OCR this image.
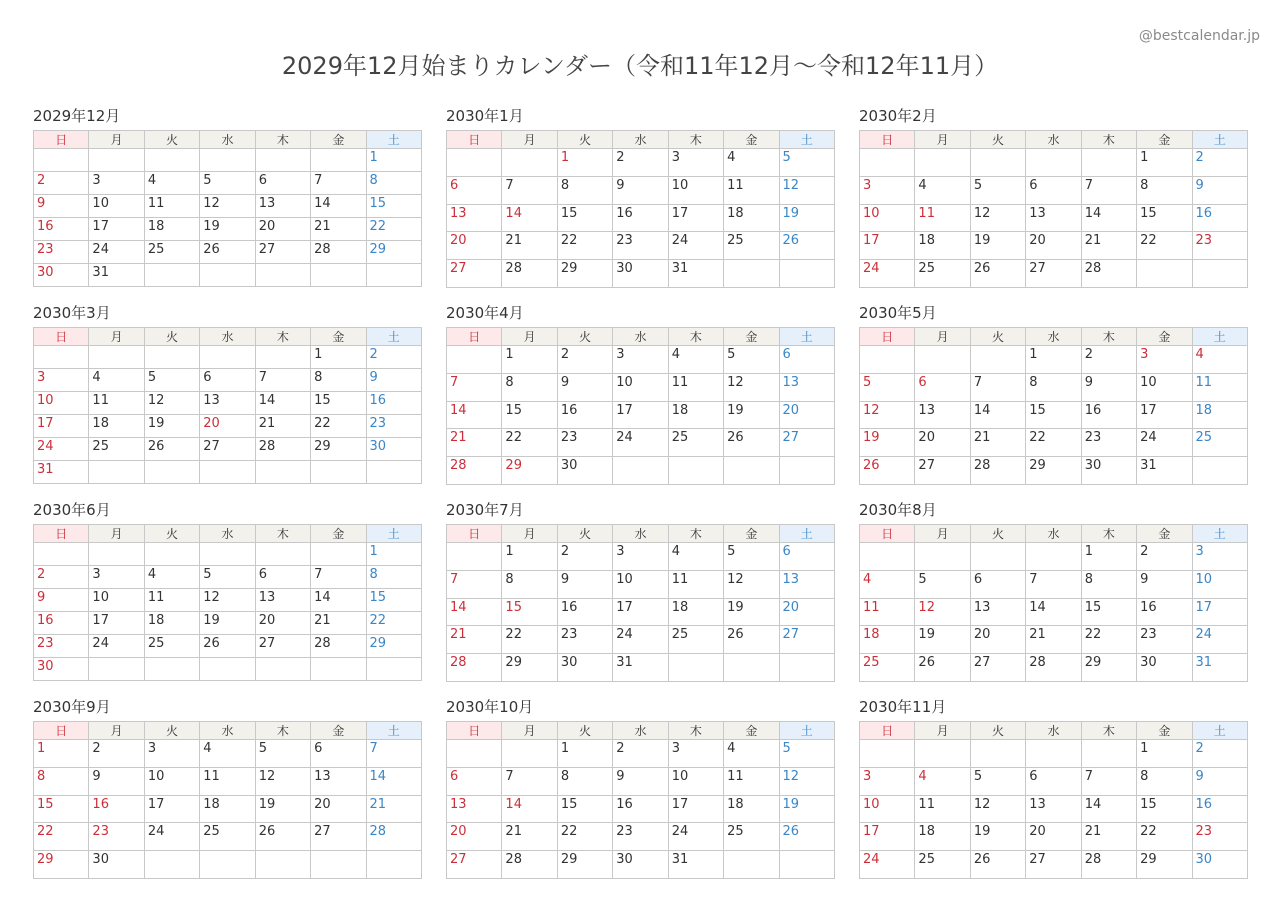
@bestcalendar.jp
2029年12月始まりカレンダー（令和11年12月〜令和12年11月）
2029年12月
日	月	火	水	木	金	土
						1
2	3	4	5	6	7	8
9	10	11	12	13	14	15
16	17	18	19	20	21	22
23	24	25	26	27	28	29
30	31					
2030年1月
日	月	火	水	木	金	土
		1	2	3	4	5
6	7	8	9	10	11	12
13	14	15	16	17	18	19
20	21	22	23	24	25	26
27	28	29	30	31		
2030年2月
日	月	火	水	木	金	土
					1	2
3	4	5	6	7	8	9
10	11	12	13	14	15	16
17	18	19	20	21	22	23
24	25	26	27	28		
2030年3月
日	月	火	水	木	金	土
					1	2
3	4	5	6	7	8	9
10	11	12	13	14	15	16
17	18	19	20	21	22	23
24	25	26	27	28	29	30
31						
2030年4月
日	月	火	水	木	金	土
	1	2	3	4	5	6
7	8	9	10	11	12	13
14	15	16	17	18	19	20
21	22	23	24	25	26	27
28	29	30				
2030年5月
日	月	火	水	木	金	土
			1	2	3	4
5	6	7	8	9	10	11
12	13	14	15	16	17	18
19	20	21	22	23	24	25
26	27	28	29	30	31	
2030年6月
日	月	火	水	木	金	土
						1
2	3	4	5	6	7	8
9	10	11	12	13	14	15
16	17	18	19	20	21	22
23	24	25	26	27	28	29
30						
2030年7月
日	月	火	水	木	金	土
	1	2	3	4	5	6
7	8	9	10	11	12	13
14	15	16	17	18	19	20
21	22	23	24	25	26	27
28	29	30	31			
2030年8月
日	月	火	水	木	金	土
				1	2	3
4	5	6	7	8	9	10
11	12	13	14	15	16	17
18	19	20	21	22	23	24
25	26	27	28	29	30	31
2030年9月
日	月	火	水	木	金	土
1	2	3	4	5	6	7
8	9	10	11	12	13	14
15	16	17	18	19	20	21
22	23	24	25	26	27	28
29	30					
2030年10月
日	月	火	水	木	金	土
		1	2	3	4	5
6	7	8	9	10	11	12
13	14	15	16	17	18	19
20	21	22	23	24	25	26
27	28	29	30	31		
2030年11月
日	月	火	水	木	金	土
					1	2
3	4	5	6	7	8	9
10	11	12	13	14	15	16
17	18	19	20	21	22	23
24	25	26	27	28	29	30
